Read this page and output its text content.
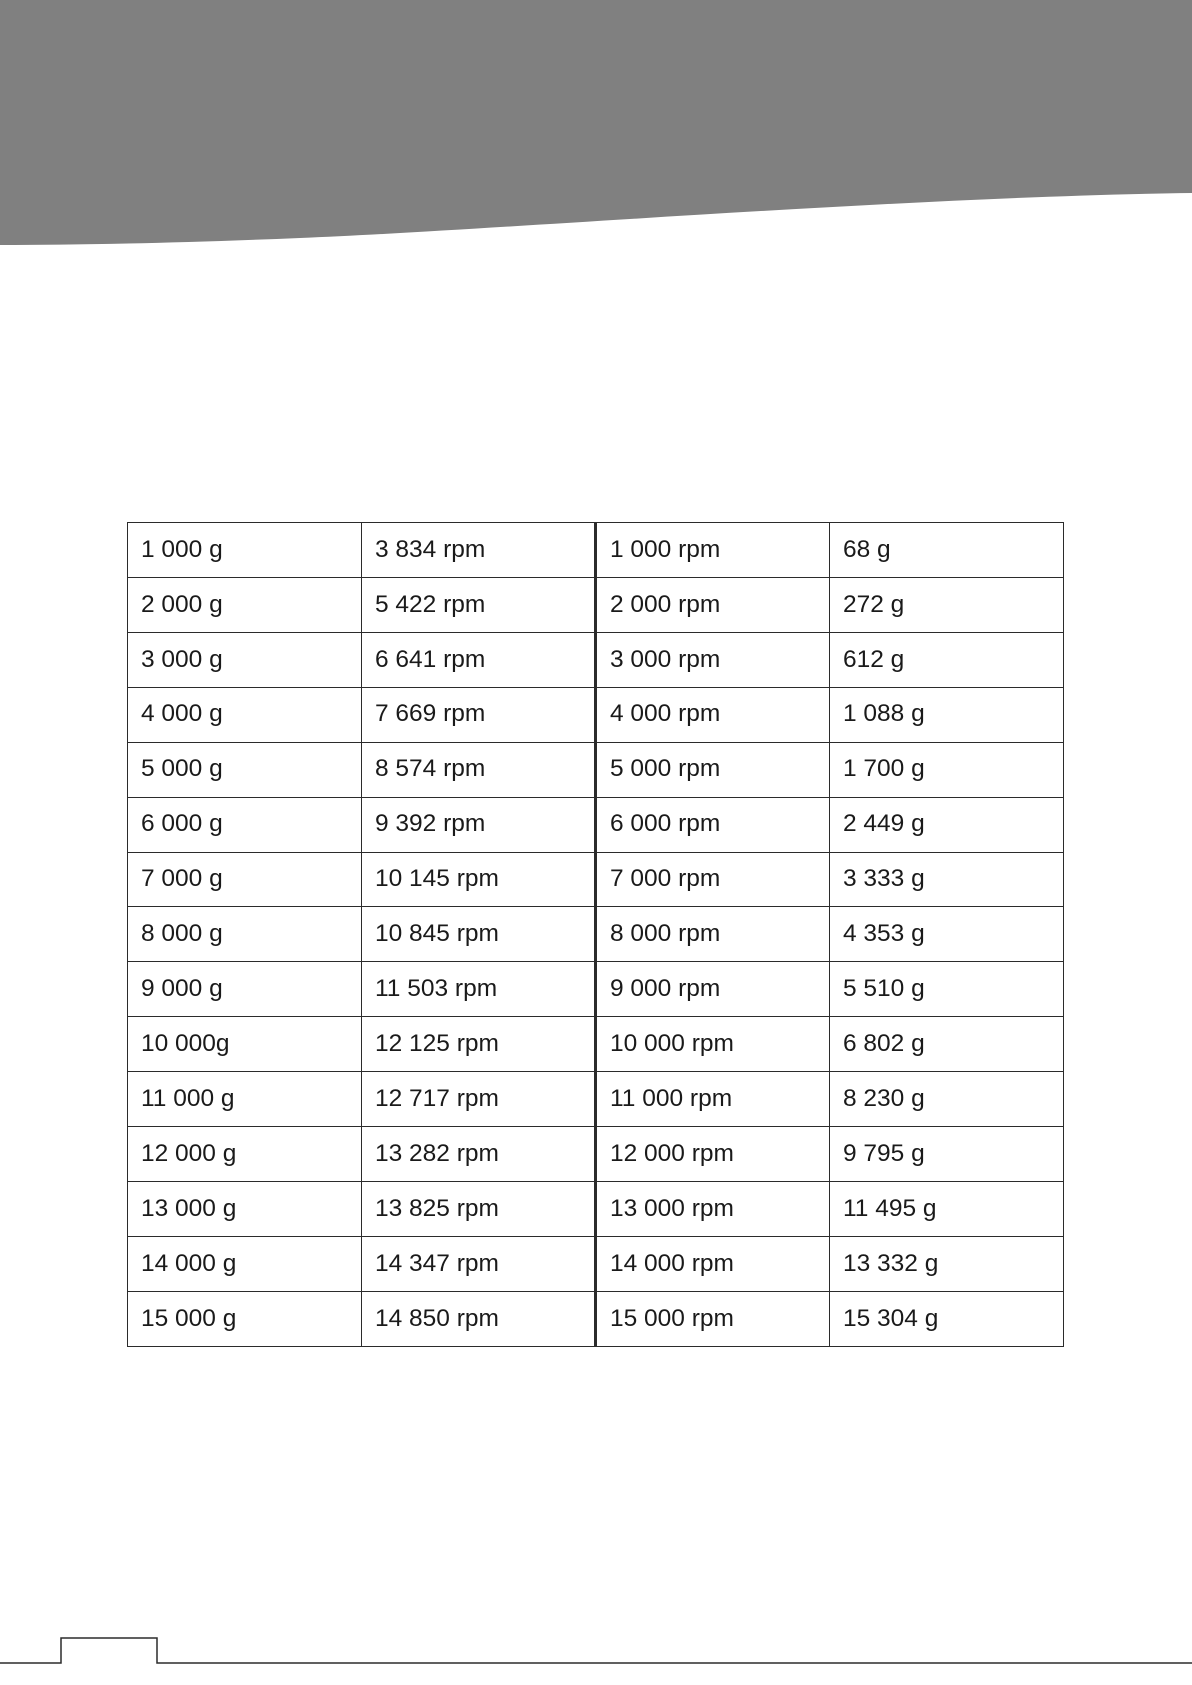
1 000 g	3 834 rpm	1 000 rpm	68 g
2 000 g	5 422 rpm	2 000 rpm	272 g
3 000 g	6 641 rpm	3 000 rpm	612 g
4 000 g	7 669 rpm	4 000 rpm	1 088 g
5 000 g	8 574 rpm	5 000 rpm	1 700 g
6 000 g	9 392 rpm	6 000 rpm	2 449 g
7 000 g	10 145 rpm	7 000 rpm	3 333 g
8 000 g	10 845 rpm	8 000 rpm	4 353 g
9 000 g	11 503 rpm	9 000 rpm	5 510 g
10 000g	12 125 rpm	10 000 rpm	6 802 g
11 000 g	12 717 rpm	11 000 rpm	8 230 g
12 000 g	13 282 rpm	12 000 rpm	9 795 g
13 000 g	13 825 rpm	13 000 rpm	11 495 g
14 000 g	14 347 rpm	14 000 rpm	13 332 g
15 000 g	14 850 rpm	15 000 rpm	15 304 g
